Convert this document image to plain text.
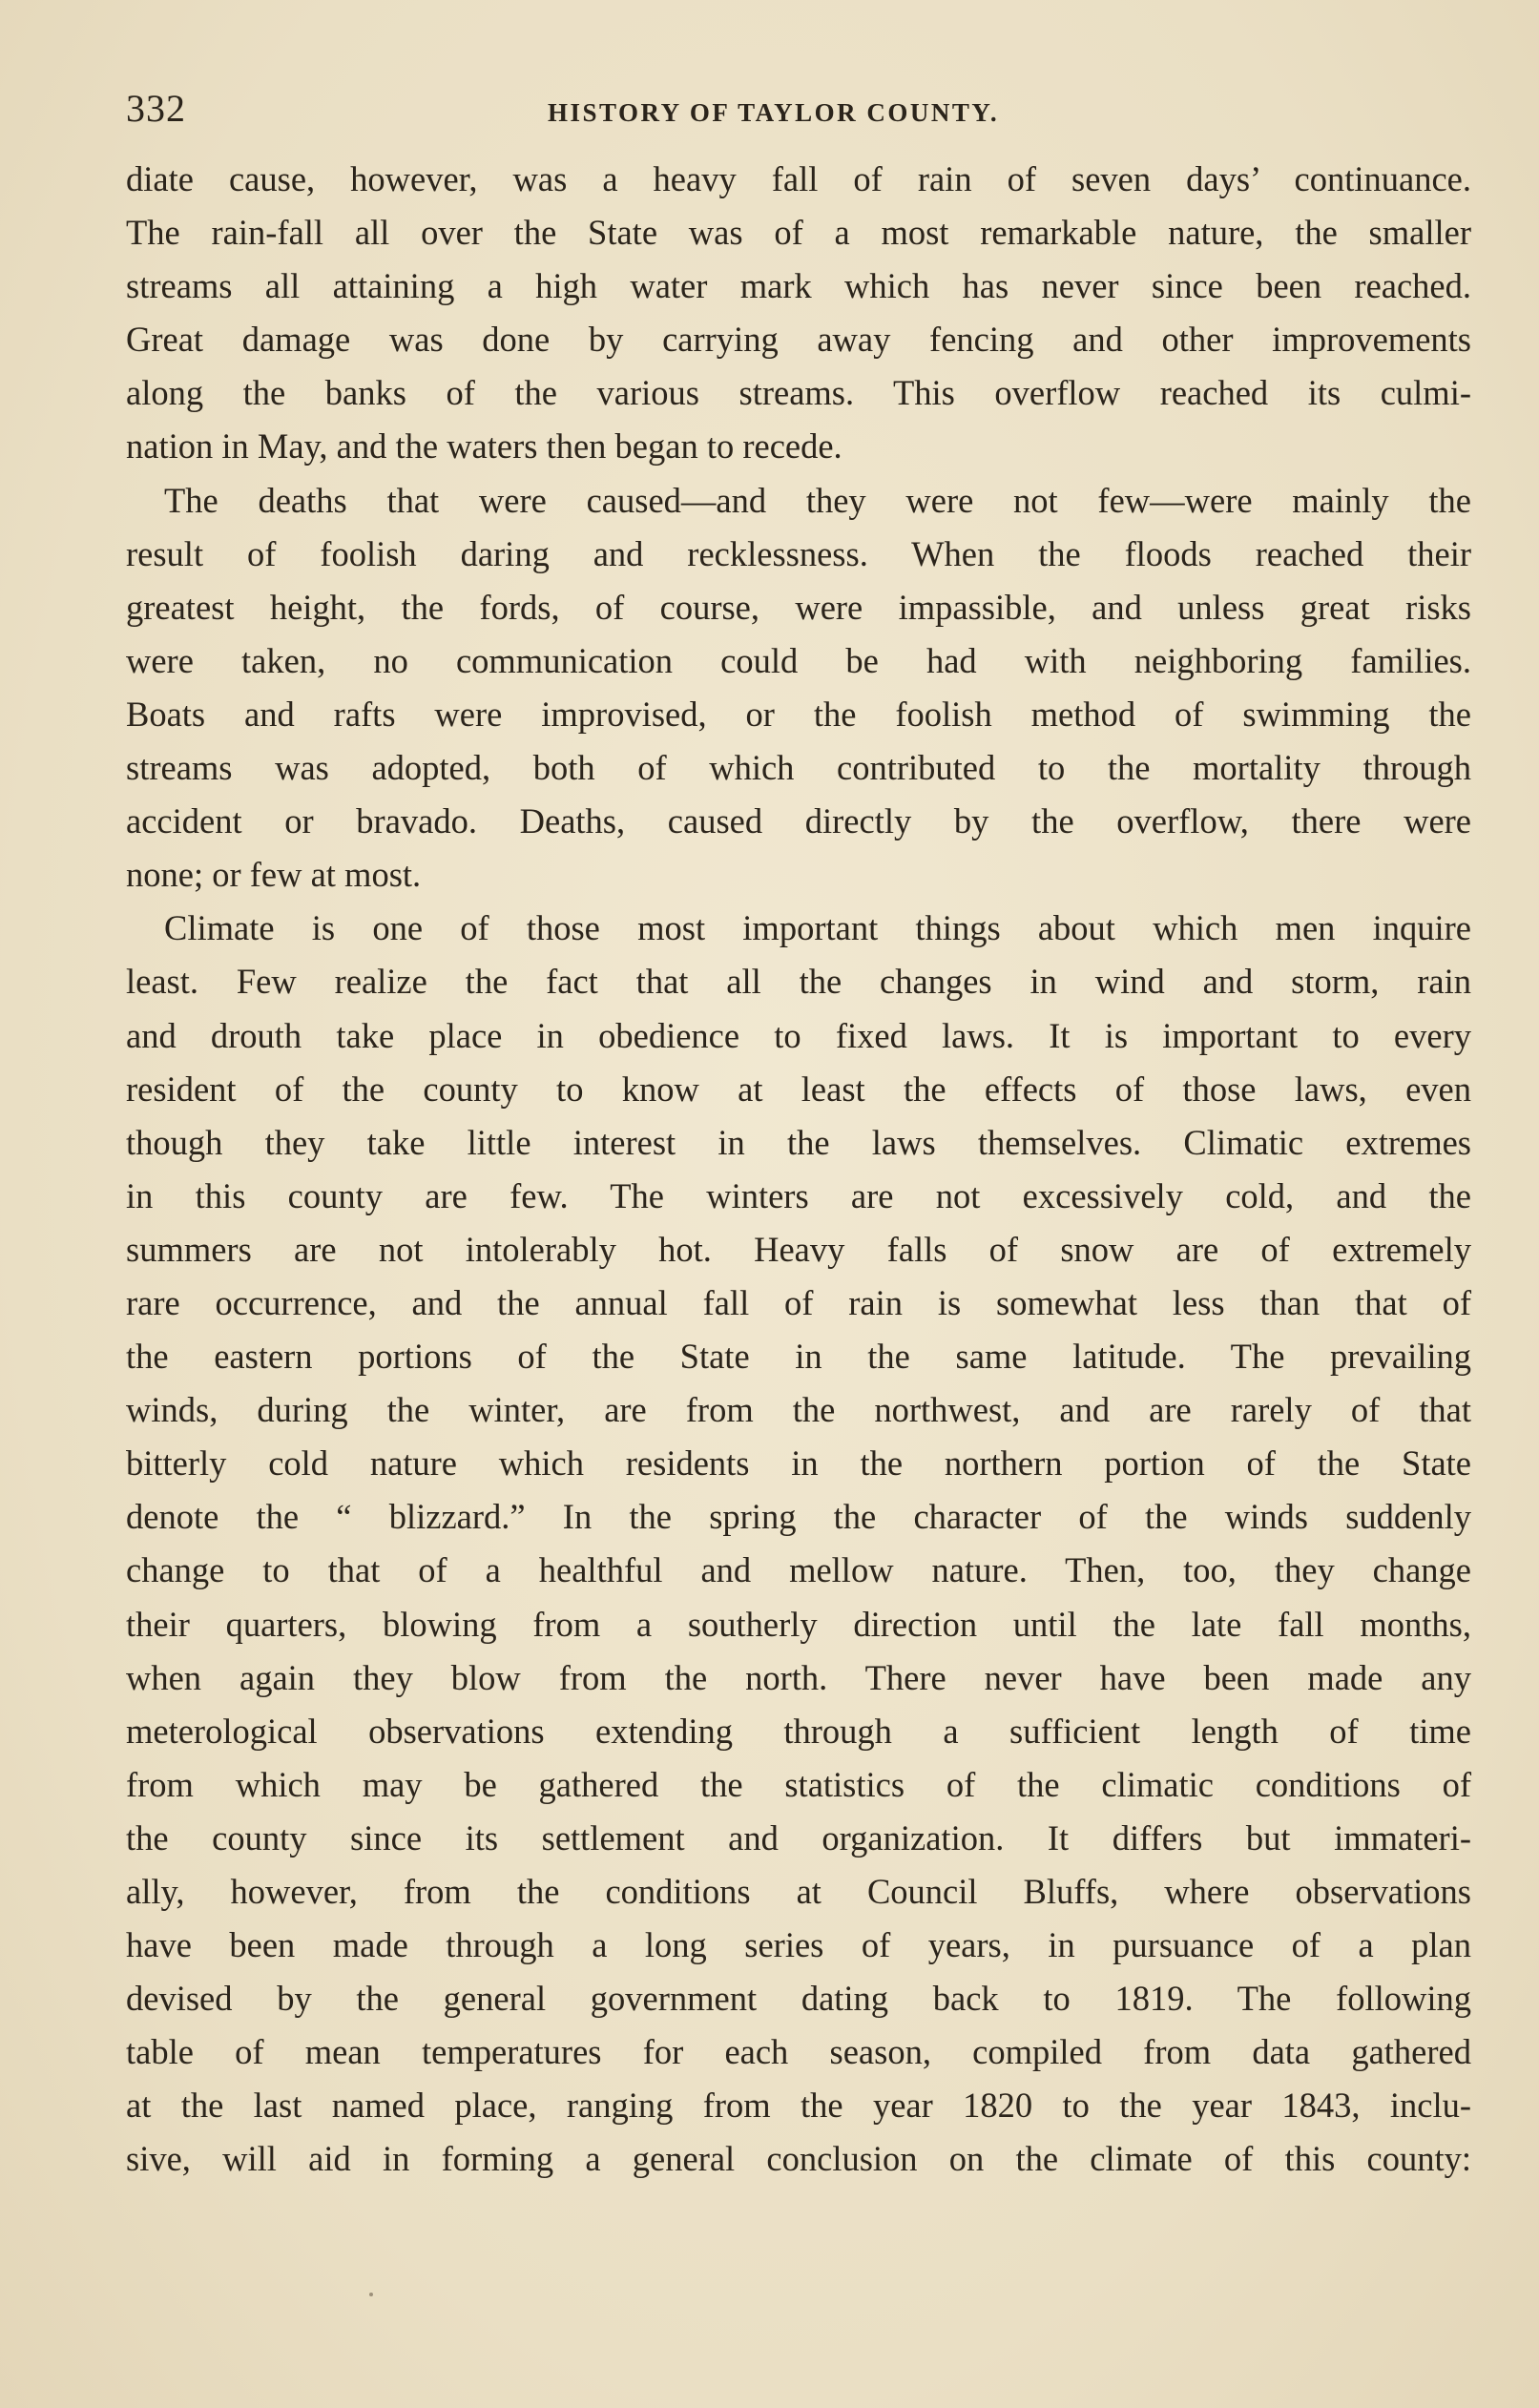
332	HISTORY OF TAYLOR COUNTY.
diate cause, however, was a heavy fall of rain of seven days’ continuance.
The rain-fall all over the State was of a most remarkable nature, the smaller
streams all attaining a high water mark which has never since been reached.
Great damage was done by carrying away fencing and other improvements
along the banks of the various streams. This overflow reached its culmi-
nation in May, and the waters then began to recede.
The deaths that were caused—and they were not few—were mainly the
result of foolish daring and recklessness. When the floods reached their
greatest height, the fords, of course, were impassible, and unless great risks
were taken, no communication could be had with neighboring families.
Boats and rafts were improvised, or the foolish method of swimming the
streams was adopted, both of which contributed to the mortality through
accident or bravado. Deaths, caused directly by the overflow, there were
none; or few at most.
Climate is one of those most important things about which men inquire
least. Few realize the fact that all the changes in wind and storm, rain
and drouth take place in obedience to fixed laws. It is important to every
resident of the county to know at least the effects of those laws, even
though they take little interest in the laws themselves. Climatic extremes
in this county are few. The winters are not excessively cold, and the
summers are not intolerably hot. Heavy falls of snow are of extremely
rare occurrence, and the annual fall of rain is somewhat less than that of
the eastern portions of the State in the same latitude. The prevailing
winds, during the winter, are from the northwest, and are rarely of that
bitterly cold nature which residents in the northern portion of the State
denote the “ blizzard.” In the spring the character of the winds suddenly
change to that of a healthful and mellow nature. Then, too, they change
their quarters, blowing from a southerly direction until the late fall months,
when again they blow from the north. There never have been made any
meterological observations extending through a sufficient length of time
from which may be gathered the statistics of the climatic conditions of
the county since its settlement and organization. It differs but immateri-
ally, however, from the conditions at Council Bluffs, where observations
have been made through a long series of years, in pursuance of a plan
devised by the general government dating back to 1819. The following
table of mean temperatures for each season, compiled from data gathered
at the last named place, ranging from the year 1820 to the year 1843, inclu-
sive, will aid in forming a general conclusion on the climate of this county:
